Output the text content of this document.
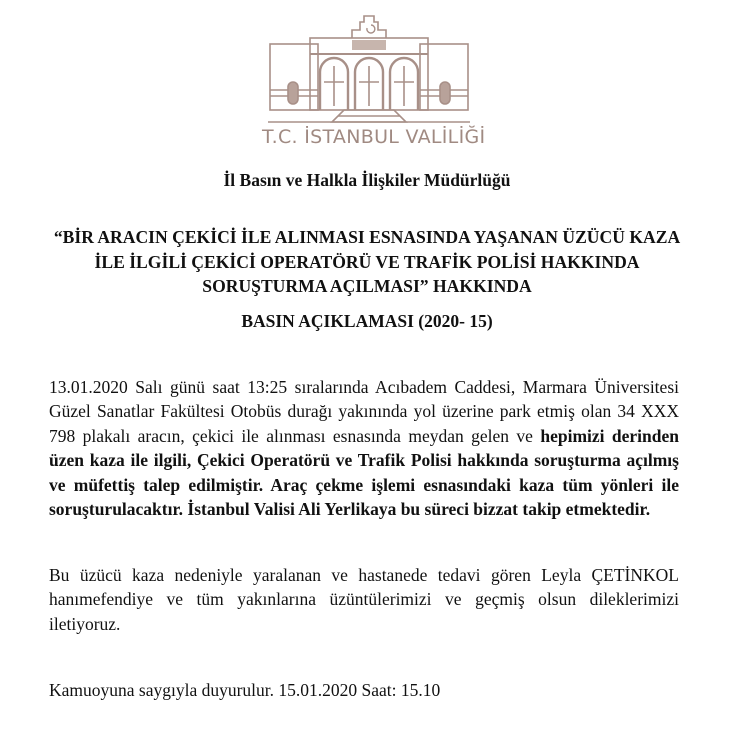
T.C. İSTANBUL VALİLİĞİ
İl Basın ve Halkla İlişkiler Müdürlüğü
“BİR ARACIN ÇEKİCİ İLE ALINMASI ESNASINDA YAŞANAN ÜZÜCÜ KAZA İLE İLGİLİ ÇEKİCİ OPERATÖRÜ VE TRAFİK POLİSİ HAKKINDA SORUŞTURMA AÇILMASI” HAKKINDA
BASIN AÇIKLAMASI (2020- 15)
13.01.2020 Salı günü saat 13:25 sıralarında Acıbadem Caddesi, Marmara Üniversitesi Güzel Sanatlar Fakültesi Otobüs durağı yakınında yol üzerine park etmiş olan 34 XXX 798 plakalı aracın, çekici ile alınması esnasında meydan gelen ve hepimizi derinden üzen kaza ile ilgili, Çekici Operatörü ve Trafik Polisi hakkında soruşturma açılmış ve müfettiş talep edilmiştir. Araç çekme işlemi esnasındaki kaza tüm yönleri ile soruşturulacaktır. İstanbul Valisi Ali Yerlikaya bu süreci bizzat takip etmektedir.
Bu üzücü kaza nedeniyle yaralanan ve hastanede tedavi gören Leyla ÇETİNKOL hanımefendiye ve tüm yakınlarına üzüntülerimizi ve geçmiş olsun dileklerimizi iletiyoruz.
Kamuoyuna saygıyla duyurulur. 15.01.2020 Saat: 15.10
